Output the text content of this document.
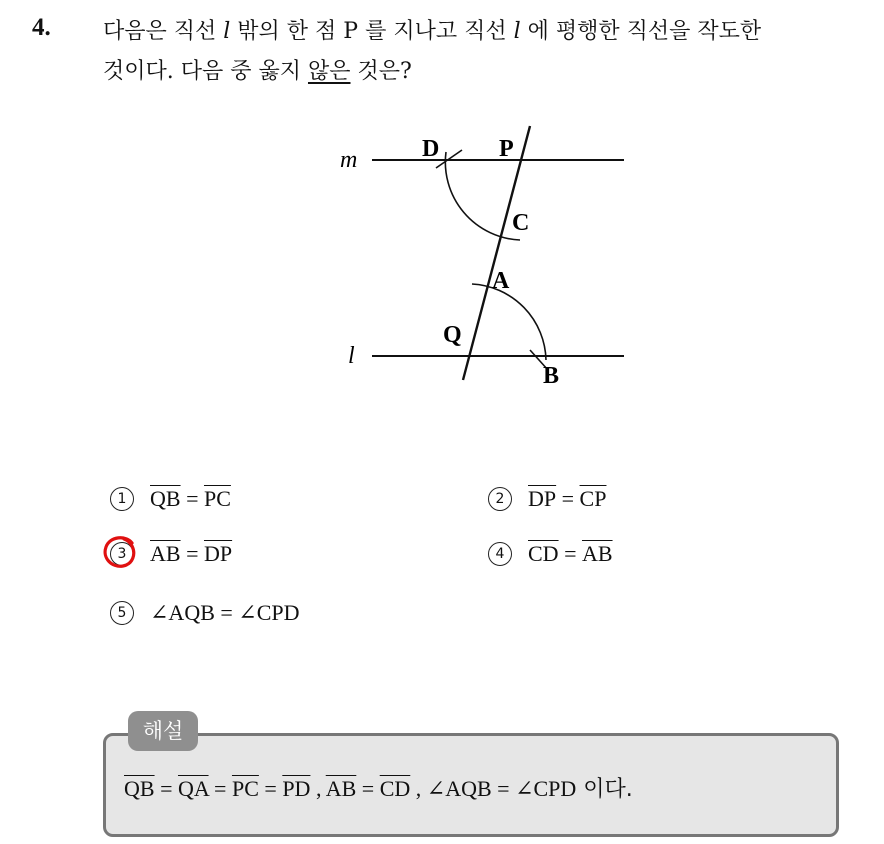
4. 다음은 직선 l 밖의 한 점 P 를 지나고 직선 l 에 평행한 직선을 작도한
것이다. 다음 중 옳지 않은 것은?
m
l
D P
C
A
Q
B
1	$\overline{QB} = \overline{PC}$	2	$\overline{DP} = \overline{CP}$
3	$\overline{AB} = \overline{DP}$	4	$\overline{CD} = \overline{AB}$
5	∠AQB = ∠CPD
해설
$\overline{QB} = \overline{QA} = \overline{PC} = \overline{PD}$ , $\overline{AB} = \overline{CD}$ , ∠AQB = ∠CPD 이다.
